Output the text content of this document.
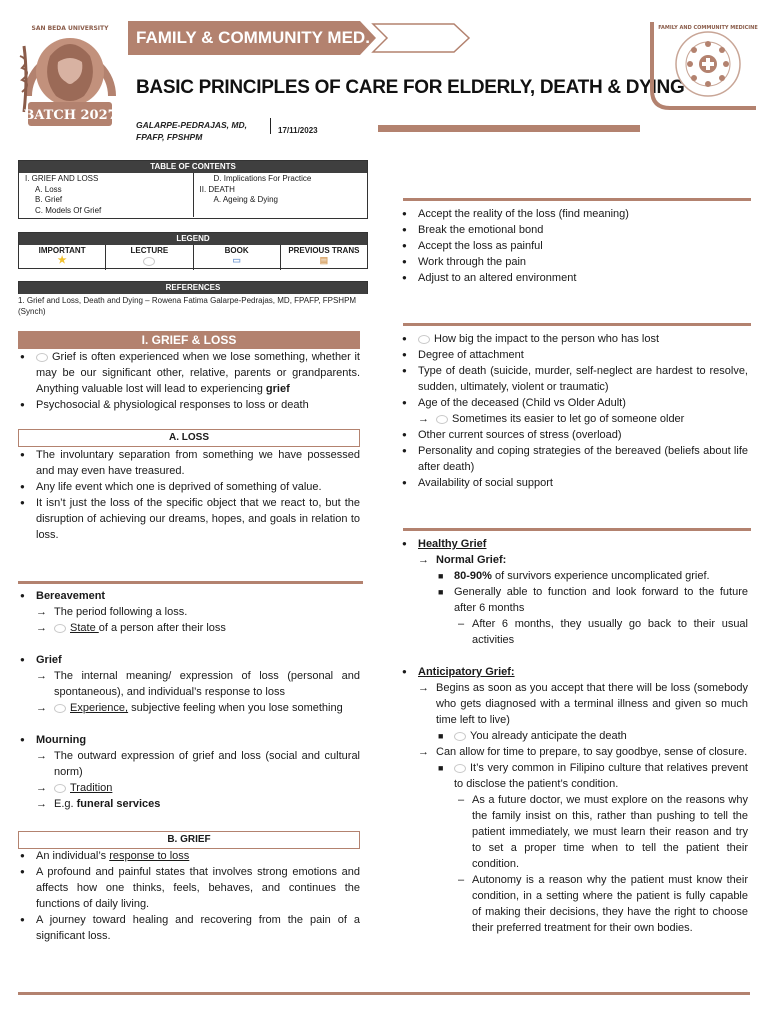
BATCH 2027
SAN BEDA UNIVERSITY FAMILY & COMMUNITY MED.
BASIC PRINCIPLES OF CARE FOR ELDERLY, DEATH & DYING
GALARPE-PEDRAJAS, MD,
FPAFP, FPSHPM
17/11/2023
FAMILY AND COMMUNITY MEDICINE
TABLE OF CONTENTS
I. GRIEF AND LOSS
A. Loss
B. Grief
C. Models Of Grief
D. Implications For Practice
II. DEATH
A. Ageing & Dying
LEGEND
IMPORTANT
★
LECTURE	BOOK
▭
PREVIOUS TRANS
▤
REFERENCES
1. Grief and Loss, Death and Dying – Rowena Fatima Galarpe-Pedrajas, MD, FPAFP, FPSHPM (Synch)
I. GRIEF & LOSS
● Grief is often experienced when we lose something, whether it may be our significant other, relative, parents or grandparents. Anything valuable lost will lead to experiencing grief
● Psychosocial & physiological responses to loss or death
A. LOSS
● The involuntary separation from something we have possessed and may even have treasured.
● Any life event which one is deprived of something of value.
● It isn’t just the loss of the specific object that we react to, but the disruption of achieving our dreams, hopes, and goals in relation to loss.
● Bereavement
→ The period following a loss.
→ State of a person after their loss
● Grief
→ The internal meaning/ expression of loss (personal and spontaneous), and individual’s response to loss
→ Experience, subjective feeling when you lose something
● Mourning
→ The outward expression of grief and loss (social and cultural norm)
→ Tradition
→ E.g. funeral services
B. GRIEF
● An individual’s response to loss
● A profound and painful states that involves strong emotions and affects how one thinks, feels, behaves, and continues the functions of daily living.
● A journey toward healing and recovering from the pain of a significant loss.
● Accept the reality of the loss (find meaning)
● Break the emotional bond
● Accept the loss as painful
● Work through the pain
● Adjust to an altered environment
● How big the impact to the person who has lost
● Degree of attachment
● Type of death (suicide, murder, self-neglect are hardest to resolve, sudden, ultimately, violent or traumatic)
● Age of the deceased (Child vs Older Adult)
→ Sometimes its easier to let go of someone older
● Other current sources of stress (overload)
● Personality and coping strategies of the bereaved (beliefs about life after death)
● Availability of social support
● Healthy Grief
→ Normal Grief:
■ 80-90% of survivors experience uncomplicated grief.
■ Generally able to function and look forward to the future after 6 months
– After 6 months, they usually go back to their usual activities
● Anticipatory Grief:
→ Begins as soon as you accept that there will be loss (somebody who gets diagnosed with a terminal illness and given so much time left to live)
■ You already anticipate the death
→ Can allow for time to prepare, to say goodbye, sense of closure.
■ It’s very common in Filipino culture that relatives prevent to disclose the patient’s condition.
– As a future doctor, we must explore on the reasons why the family insist on this, rather than pushing to tell the patient immediately, we must learn their reason and try to set a proper time when to tell the patient their condition.
– Autonomy is a reason why the patient must know their condition, in a setting where the patient is fully capable of making their decisions, they have the right to choose their preferred treatment for their own bodies.
